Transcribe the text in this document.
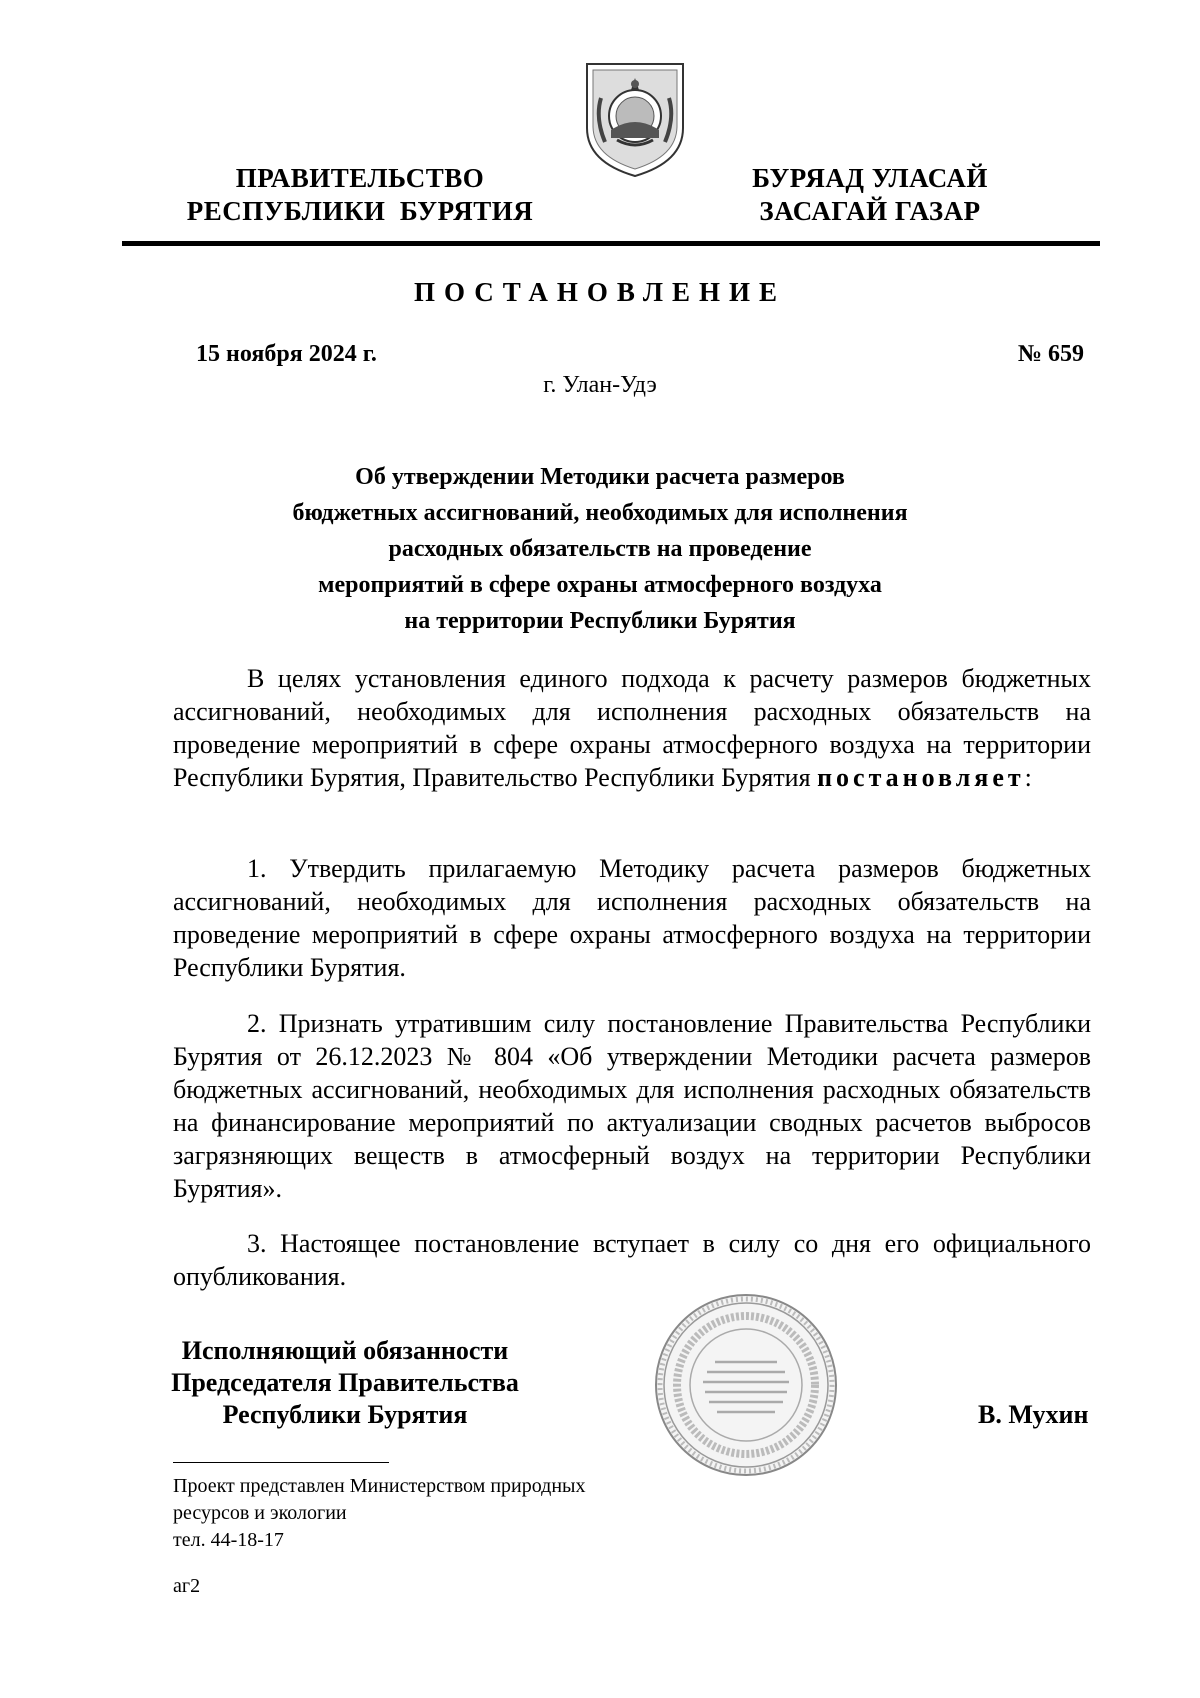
ПРАВИТЕЛЬСТВО
РЕСПУБЛИКИ  БУРЯТИЯ
БУРЯАД УЛАСАЙ
ЗАСАГАЙ ГАЗАР
ПОСТАНОВЛЕНИЕ
15 ноября 2024 г.	№ 659
г. Улан-Удэ
Об утверждении Методики расчета размеров
бюджетных ассигнований, необходимых для исполнения
расходных обязательств на проведение
мероприятий в сфере охраны атмосферного воздуха
на территории Республики Бурятия
В целях установления единого подхода к расчету размеров бюджетных ассигнований, необходимых для исполнения расходных обязательств на проведение мероприятий в сфере охраны атмосферного воздуха на территории Республики Бурятия, Правительство Республики Бурятия постановляет:
1. Утвердить прилагаемую Методику расчета размеров бюджетных ассигнований, необходимых для исполнения расходных обязательств на проведение мероприятий в сфере охраны атмосферного воздуха на территории Республики Бурятия.
2. Признать утратившим силу постановление Правительства Республики Бурятия от 26.12.2023 № 804 «Об утверждении Методики расчета размеров бюджетных ассигнований, необходимых для исполнения расходных обязательств на финансирование мероприятий по актуализации сводных расчетов выбросов загрязняющих веществ в атмосферный воздух на территории Республики Бурятия».
3. Настоящее постановление вступает в силу со дня его официального опубликования.
Исполняющий обязанности
Председателя Правительства
Республики Бурятия	В. Мухин
Проект представлен Министерством природных
ресурсов и экологии
тел. 44-18-17
аг2
